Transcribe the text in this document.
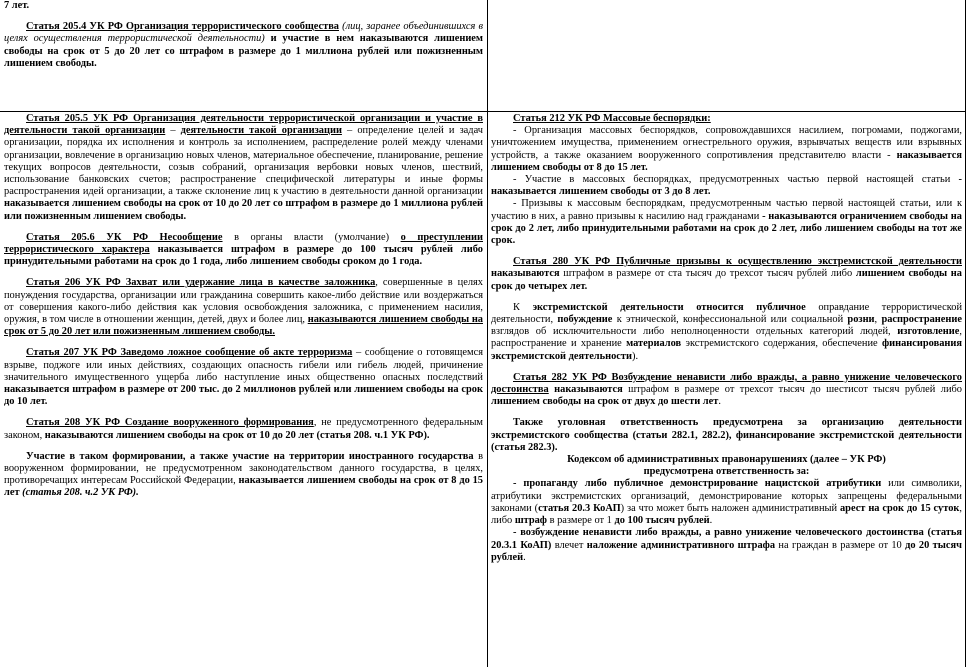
7 лет.

Статья 205.4 УК РФ Организация террористического сообщества (лиц, заранее объединившихся в целях осуществления террористической деятельности) и участие в нем наказываются лишением свободы на срок от 5 до 20 лет со штрафом в размере до 1 миллиона рублей или пожизненным лишением свободы.

Статья 205.5 УК РФ Организация деятельности террористической организации и участие в деятельности такой организации – деятельности такой организации – определение целей и задач организации, порядка их исполнения и контроль за исполнением, распределение ролей между членами организации, вовлечение в организацию новых членов, материальное обеспечение, планирование, решение текущих вопросов деятельности, созыв собраний, организация вербовки новых членов, шествий, использование банковских счетов; распространение специфической литературы и иные формы распространения идей организации, а также склонение лиц к участию в деятельности данной организации наказывается лишением свободы на срок от 10 до 20 лет со штрафом в размере до 1 миллиона рублей или пожизненным лишением свободы.

Статья 205.6 УК РФ Несообщение в органы власти (умолчание) о преступлении террористического характера наказывается штрафом в размере до 100 тысяч рублей либо принудительными работами на срок до 1 года, либо лишением свободы сроком до 1 года.

Статья 206 УК РФ Захват или удержание лица в качестве заложника, совершенные в целях понуждения государства, организации или гражданина совершить какое-либо действие или воздержаться от совершения какого-либо действия как условия освобождения заложника, с применением насилия, оружия, в том числе в отношении женщин, детей, двух и более лиц, наказываются лишением свободы на срок от 5 до 20 лет или пожизненным лишением свободы.

Статья 207 УК РФ Заведомо ложное сообщение об акте терроризма – сообщение о готовящемся взрыве, поджоге или иных действиях, создающих опасность гибели или гибель людей, причинение значительного имущественного ущерба либо наступление иных общественно опасных последствий наказывается штрафом в размере от 200 тыс. до 2 миллионов рублей или лишением свободы на срок до 10 лет.

Статья 208 УК РФ Создание вооруженного формирования, не предусмотренного федеральным законом, наказываются лишением свободы на срок от 10 до 20 лет (статья 208. ч.1 УК РФ).

Участие в таком формировании, а также участие на территории иностранного государства в вооруженном формировании, не предусмотренном законодательством данного государства, в целях, противоречащих интересам Российской Федерации, наказывается лишением свободы на срок от 8 до 15 лет (статья 208. ч.2 УК РФ).

Статья 212 УК РФ Массовые беспорядки:

- Организация массовых беспорядков, сопровождавшихся насилием, погромами, поджогами, уничтожением имущества, применением огнестрельного оружия, взрывчатых веществ или взрывных устройств, а также оказанием вооруженного сопротивления представителю власти - наказывается лишением свободы от 8 до 15 лет.

- Участие в массовых беспорядках, предусмотренных частью первой настоящей статьи - наказывается лишением свободы от 3 до 8 лет.

- Призывы к массовым беспорядкам, предусмотренным частью первой настоящей статьи, или к участию в них, а равно призывы к насилию над гражданами - наказываются ограничением свободы на срок до 2 лет, либо принудительными работами на срок до 2 лет, либо лишением свободы на тот же срок.

Статья 280 УК РФ Публичные призывы к осуществлению экстремистской деятельности наказываются штрафом в размере от ста тысяч до трехсот тысяч рублей либо лишением свободы на срок до четырех лет.

К экстремистской деятельности относится публичное оправдание террористической деятельности, побуждение к этнической, конфессиональной или социальной розни, распространение взглядов об исключительности либо неполноценности отдельных категорий людей, изготовление, распространение и хранение материалов экстремистского содержания, обеспечение финансирования экстремистской деятельности).

Статья 282 УК РФ Возбуждение ненависти либо вражды, а равно унижение человеческого достоинства наказываются штрафом в размере от трехсот тысяч до шестисот тысяч рублей либо лишением свободы на срок от двух до шести лет.

Также уголовная ответственность предусмотрена за организацию деятельности экстремистского сообщества (статьи 282.1, 282.2), финансирование экстремистской деятельности (статья 282.3).

Кодексом об административных правонарушениях (далее – УК РФ)

предусмотрена ответственность за:

- пропаганду либо публичное демонстрирование нацистской атрибутики или символики, атрибутики экстремистских организаций, демонстрирование которых запрещены федеральными законами (статья 20.3 КоАП) за что может быть наложен административный арест на срок до 15 суток, либо штраф в размере от 1 до 100 тысяч рублей.

- возбуждение ненависти либо вражды, а равно унижение человеческого достоинства (статья 20.3.1 КоАП) влечет наложение административного штрафа на граждан в размере от 10 до 20 тысяч рублей.
